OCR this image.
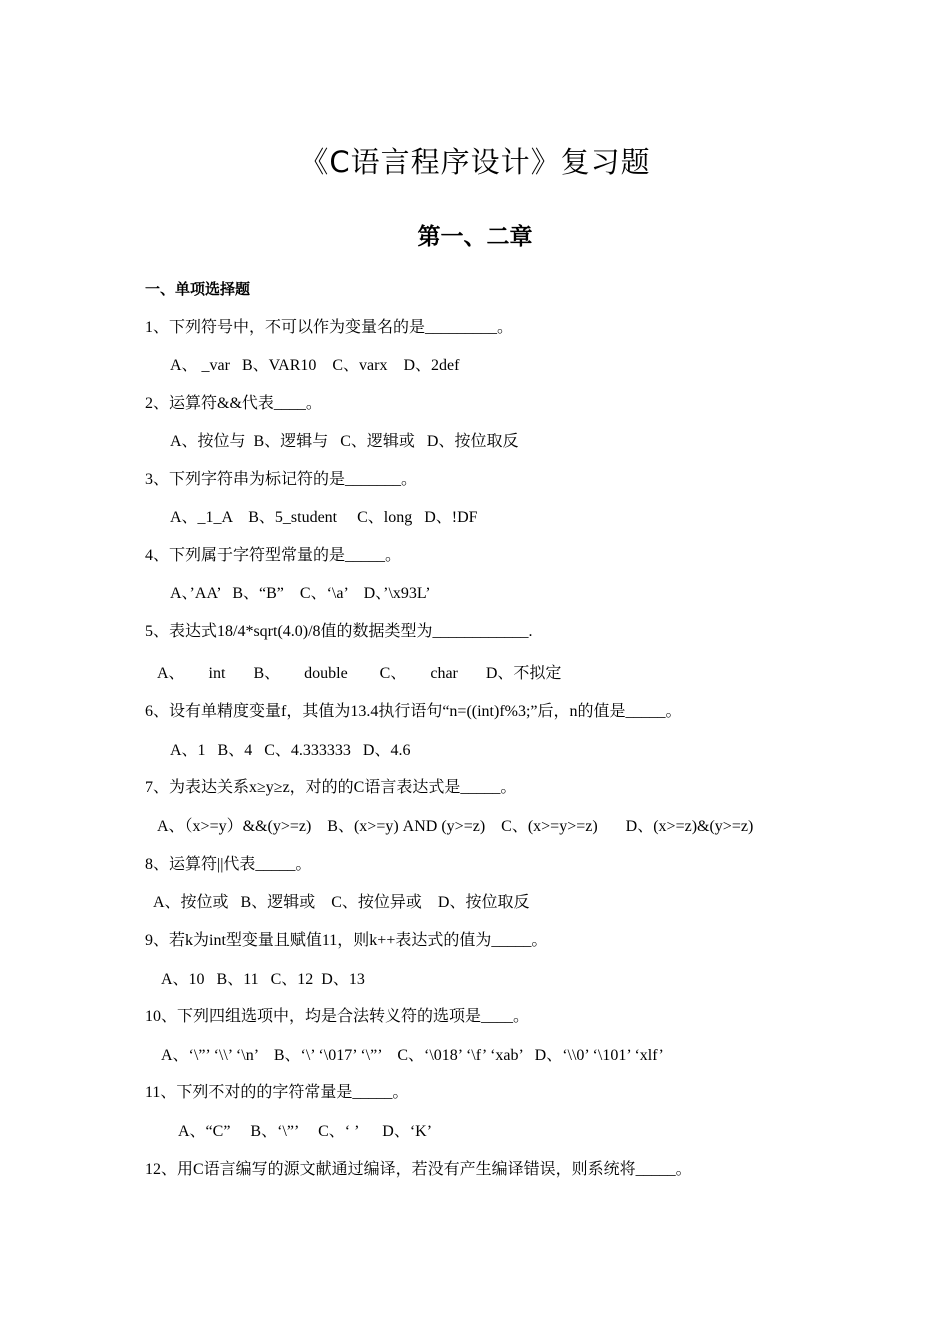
《C语言程序设计》复习题
第一、二章
一、单项选择题
1、下列符号中，不可以作为变量名的是_________。
A、 _var   B、VAR10    C、varx    D、2def
2、运算符&&代表____。
A、按位与  B、逻辑与   C、逻辑或   D、按位取反
3、下列字符串为标记符的是_______。
A、_1_A    B、5_student     C、long   D、!DF
4、下列属于字符型常量的是_____。
A、’AA’   B、“B”    C、‘\a’    D、’\x93L’
5、表达式18/4*sqrt(4.0)/8值的数据类型为____________.
A、      int       B、      double        C、      char       D、不拟定
6、设有单精度变量f，其值为13.4执行语句“n=((int)f%3;”后，n的值是_____。
A、1   B、4   C、4.333333   D、4.6
7、为表达关系x≥y≥z，对的的C语言表达式是_____。
A、（x>=y）&&(y>=z)    B、(x>=y) AND (y>=z)    C、(x>=y>=z)       D、(x>=z)&(y>=z)
8、运算符||代表_____。
A、按位或   B、逻辑或    C、按位异或    D、按位取反
9、若k为int型变量且赋值11，则k++表达式的值为_____。
A、10   B、11   C、12  D、13
10、下列四组选项中，均是合法转义符的选项是____。
A、‘\”’ ‘\\’ ‘\n’    B、‘\’ ‘\017’ ‘\”’    C、‘\018’ ‘\f’ ‘xab’   D、‘\\0’ ‘\101’ ‘xlf’
11、下列不对的的字符常量是_____。
A、“C”     B、‘\”’     C、‘ ’      D、‘K’
12、用C语言编写的源文献通过编译，若没有产生编译错误，则系统将_____。
